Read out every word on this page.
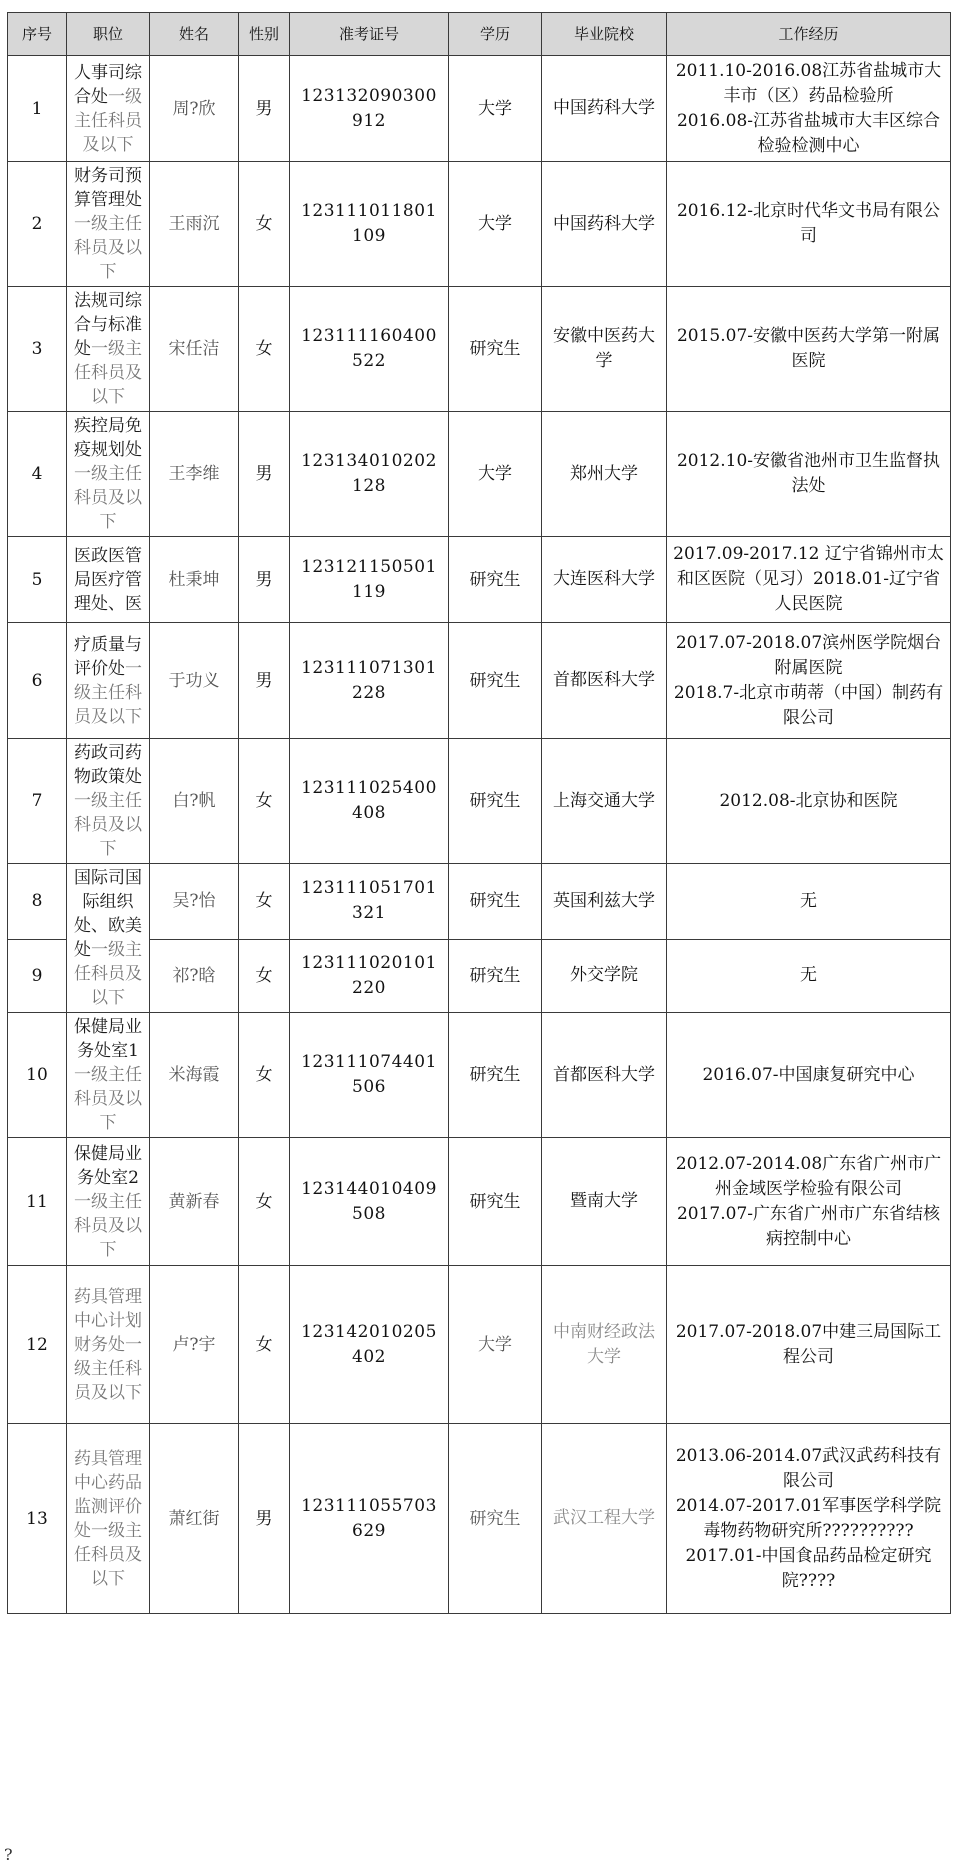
序号	职位	姓名	性别	准考证号	学历	毕业院校	工作经历
1	人事司综合处一级主任科员及以下	周?欣	男	123132090300912	大学	中国药科大学	2011.10-2016.08江苏省盐城市大丰市（区）药品检验所
2016.08-江苏省盐城市大丰区综合检验检测中心

2	财务司预算管理处一级主任科员及以下	王雨沉	女	123111011801109	大学	中国药科大学	2016.12-北京时代华文书局有限公司

3	法规司综合与标准处一级主任科员及以下	宋任洁	女	123111160400522	研究生	安徽中医药大学	2015.07-安徽中医药大学第一附属医院

4	疾控局免疫规划处一级主任科员及以下	王李维	男	123134010202128	大学	郑州大学	2012.10-安徽省池州市卫生监督执法处

5	医政医管局医疗管理处、医	杜秉坤	男	123121150501119	研究生	大连医科大学	2017.09-2017.12 辽宁省锦州市太和区医院（见习）2018.01-辽宁省人民医院

6	疗质量与评价处一级主任科员及以下	于功义	男	123111071301228	研究生	首都医科大学	2017.07-2018.07滨州医学院烟台附属医院
2018.7-北京市萌蒂（中国）制药有限公司

7	药政司药物政策处一级主任科员及以下	白?帆	女	123111025400408	研究生	上海交通大学	2012.08-北京协和医院

8	国际司国际组织处、欧美处一级主任科员及以下	吴?怡	女	123111051701321	研究生	英国利兹大学	无

9		祁?晗	女	123111020101220	研究生	外交学院	无

10	保健局业务处室1一级主任科员及以下	米海霞	女	123111074401506	研究生	首都医科大学	2016.07-中国康复研究中心

11	保健局业务处室2一级主任科员及以下	黄新春	女	123144010409508	研究生	暨南大学	2012.07-2014.08广东省广州市广州金域医学检验有限公司
2017.07-广东省广州市广东省结核病控制中心

12	药具管理中心计划财务处一级主任科员及以下	卢?宇	女	123142010205402	大学	中南财经政法大学	2017.07-2018.07中建三局国际工程公司

13	药具管理中心药品监测评价处一级主任科员及以下	萧红街	男	123111055703629	研究生	武汉工程大学	2013.06-2014.07武汉武药科技有限公司
2014.07-2017.01军事医学科学院毒物药物研究所??????????
2017.01-中国食品药品检定研究院????
?
